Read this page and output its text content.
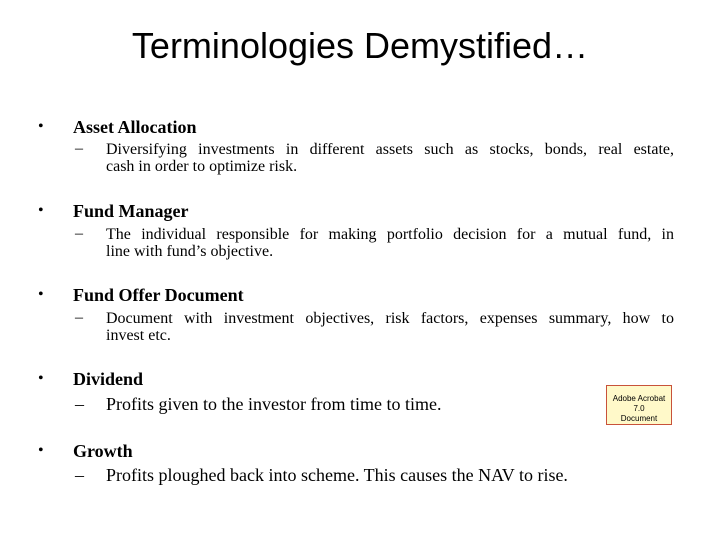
Terminologies Demystified…
• Asset Allocation
– Diversifying investments in different assets such as stocks, bonds, real estate,
cash in order to optimize risk.
• Fund Manager
– The individual responsible for making portfolio decision for a mutual fund, in
line with fund’s objective.
• Fund Offer Document
– Document with investment objectives, risk factors, expenses summary, how to
invest etc.
• Dividend
– Profits given to the investor from time to time.	Adobe Acrobat 7.0
Document
• Growth
– Profits ploughed back into scheme. This causes the NAV to rise.
